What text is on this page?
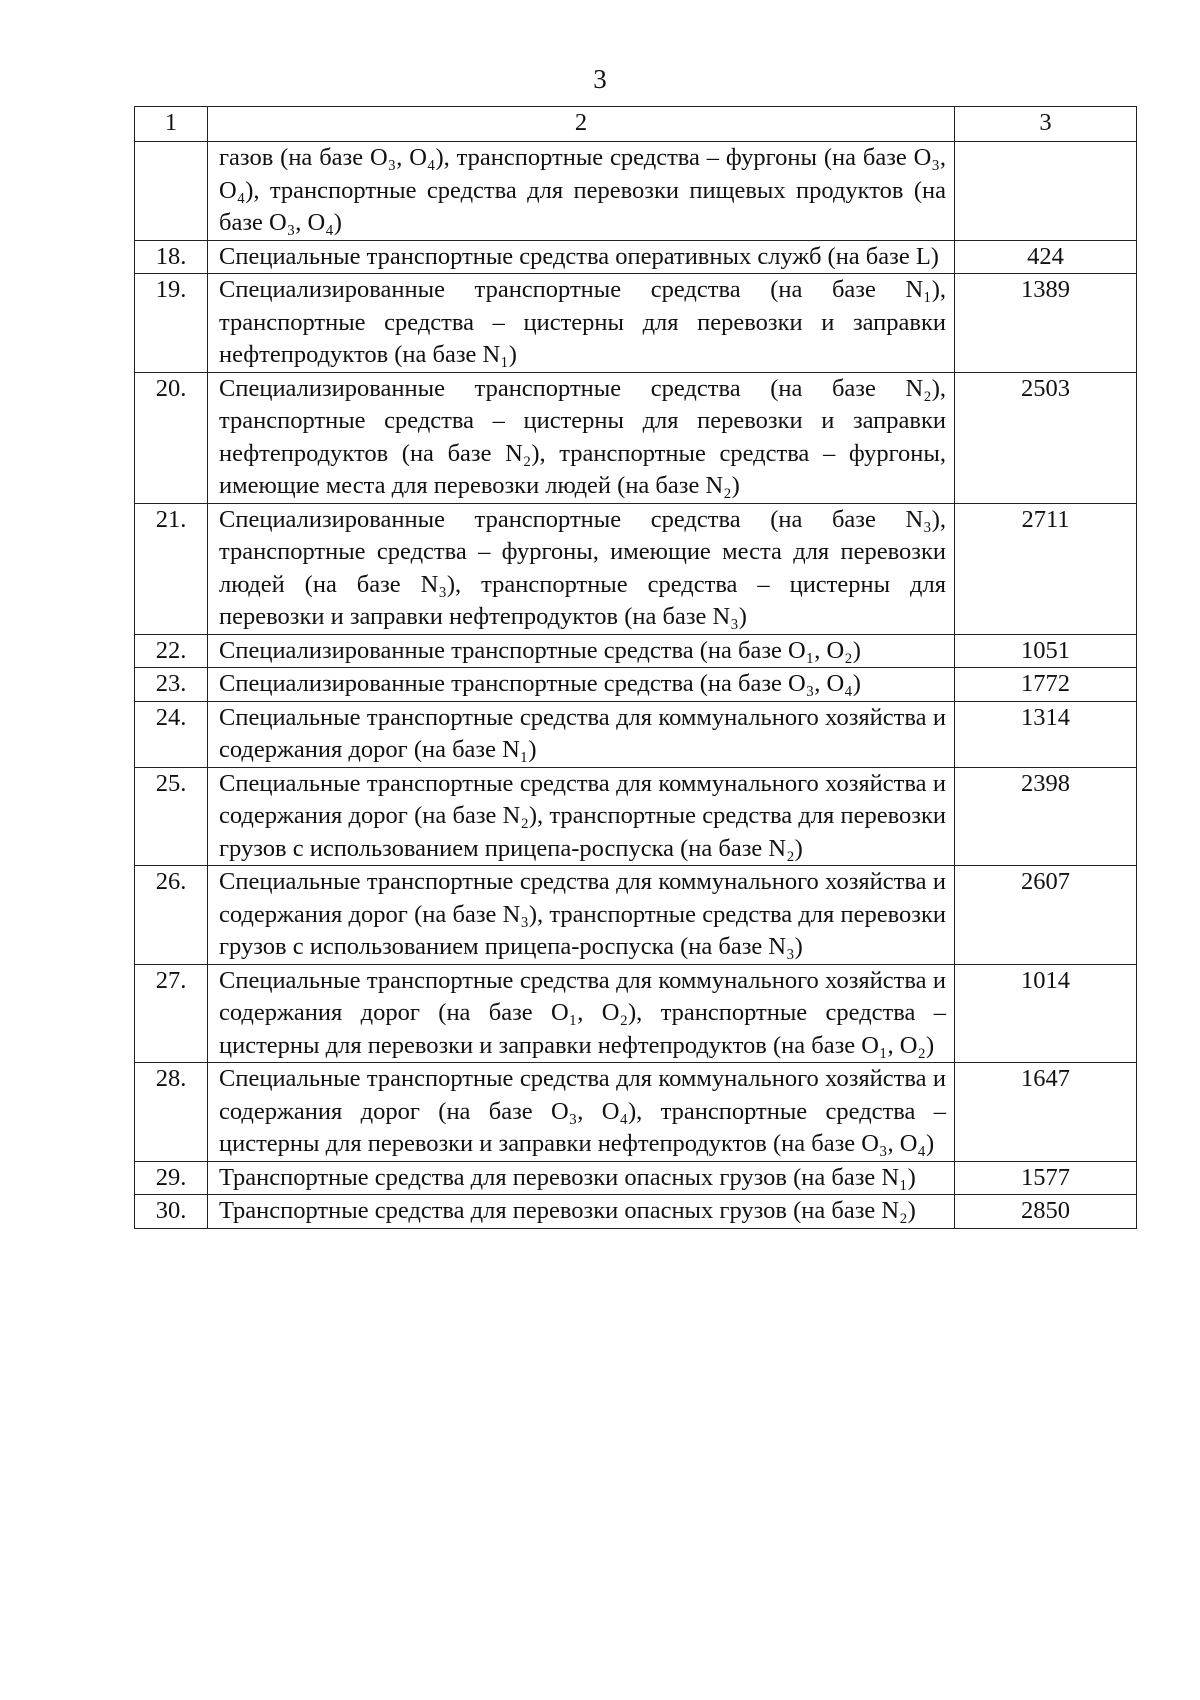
3
1	2	3
	газов (на базе O₃, O₄), транспортные средства – фургоны (на базе O₃, O₄), транспортные средства для перевозки пищевых продуктов (на базе O₃, O₄)	
18.	Специальные транспортные средства оперативных служб (на базе L)	424
19.	Специализированные транспортные средства (на базе N₁), транспортные средства – цистерны для перевозки и заправки нефтепродуктов (на базе N₁)	1389
20.	Специализированные транспортные средства (на базе N₂), транспортные средства – цистерны для перевозки и заправки нефтепродуктов (на базе N₂), транспортные средства – фургоны, имеющие места для перевозки людей (на базе N₂)	2503
21.	Специализированные транспортные средства (на базе N₃), транспортные средства – фургоны, имеющие места для перевозки людей (на базе N₃), транспортные средства – цистерны для перевозки и заправки нефтепродуктов (на базе N₃)	2711
22.	Специализированные транспортные средства (на базе O₁, O₂)	1051
23.	Специализированные транспортные средства (на базе O₃, O₄)	1772
24.	Специальные транспортные средства для коммунального хозяйства и содержания дорог (на базе N₁)	1314
25.	Специальные транспортные средства для коммунального хозяйства и содержания дорог (на базе N₂), транспортные средства для перевозки грузов с использованием прицепа-роспуска (на базе N₂)	2398
26.	Специальные транспортные средства для коммунального хозяйства и содержания дорог (на базе N₃), транспортные средства для перевозки грузов с использованием прицепа-роспуска (на базе N₃)	2607
27.	Специальные транспортные средства для коммунального хозяйства и содержания дорог (на базе O₁, O₂), транспортные средства – цистерны для перевозки и заправки нефтепродуктов (на базе O₁, O₂)	1014
28.	Специальные транспортные средства для коммунального хозяйства и содержания дорог (на базе O₃, O₄), транспортные средства – цистерны для перевозки и заправки нефтепродуктов (на базе O₃, O₄)	1647
29.	Транспортные средства для перевозки опасных грузов (на базе N₁)	1577
30.	Транспортные средства для перевозки опасных грузов (на базе N₂)	2850
